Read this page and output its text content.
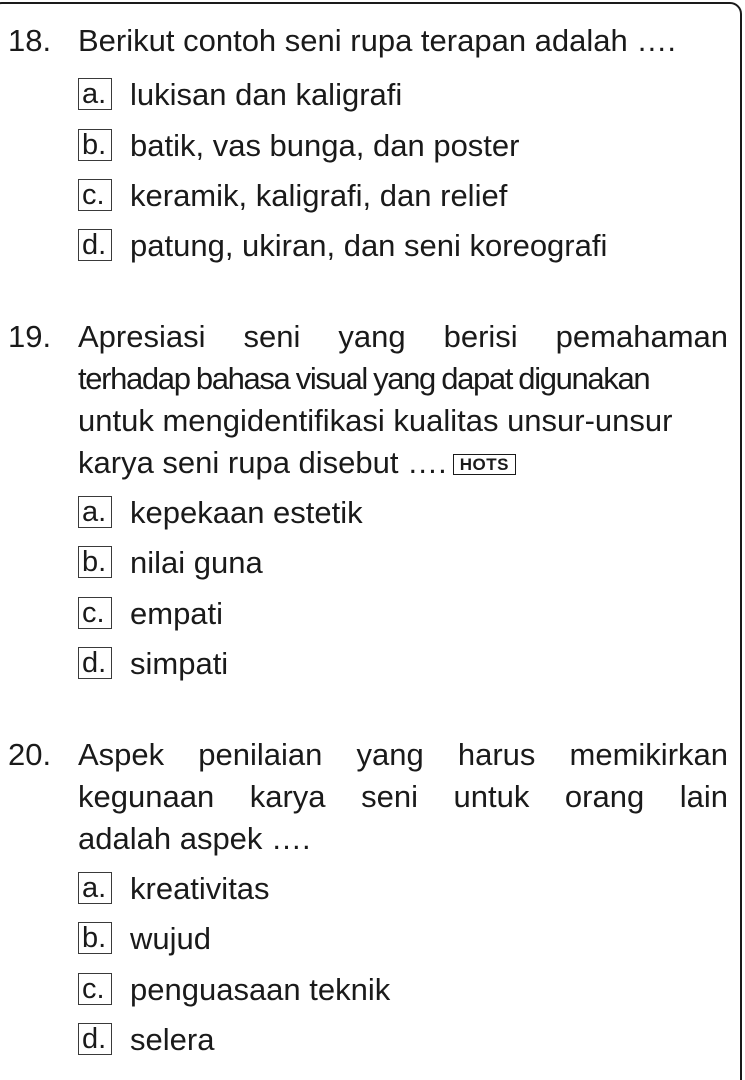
18. Berikut contoh seni rupa terapan adalah ….
a. lukisan dan kaligrafi
b. batik, vas bunga, dan poster
c. keramik, kaligrafi, dan relief
d. patung, ukiran, dan seni koreografi
19. Apresiasi seni yang berisi pemahaman
terhadap bahasa visual yang dapat digunakan
untuk mengidentifikasi kualitas unsur-unsur
karya seni rupa disebut …. HOTS
a. kepekaan estetik
b. nilai guna
c. empati
d. simpati
20. Aspek penilaian yang harus memikirkan
kegunaan karya seni untuk orang lain
adalah aspek ….
a. kreativitas
b. wujud
c. penguasaan teknik
d. selera
